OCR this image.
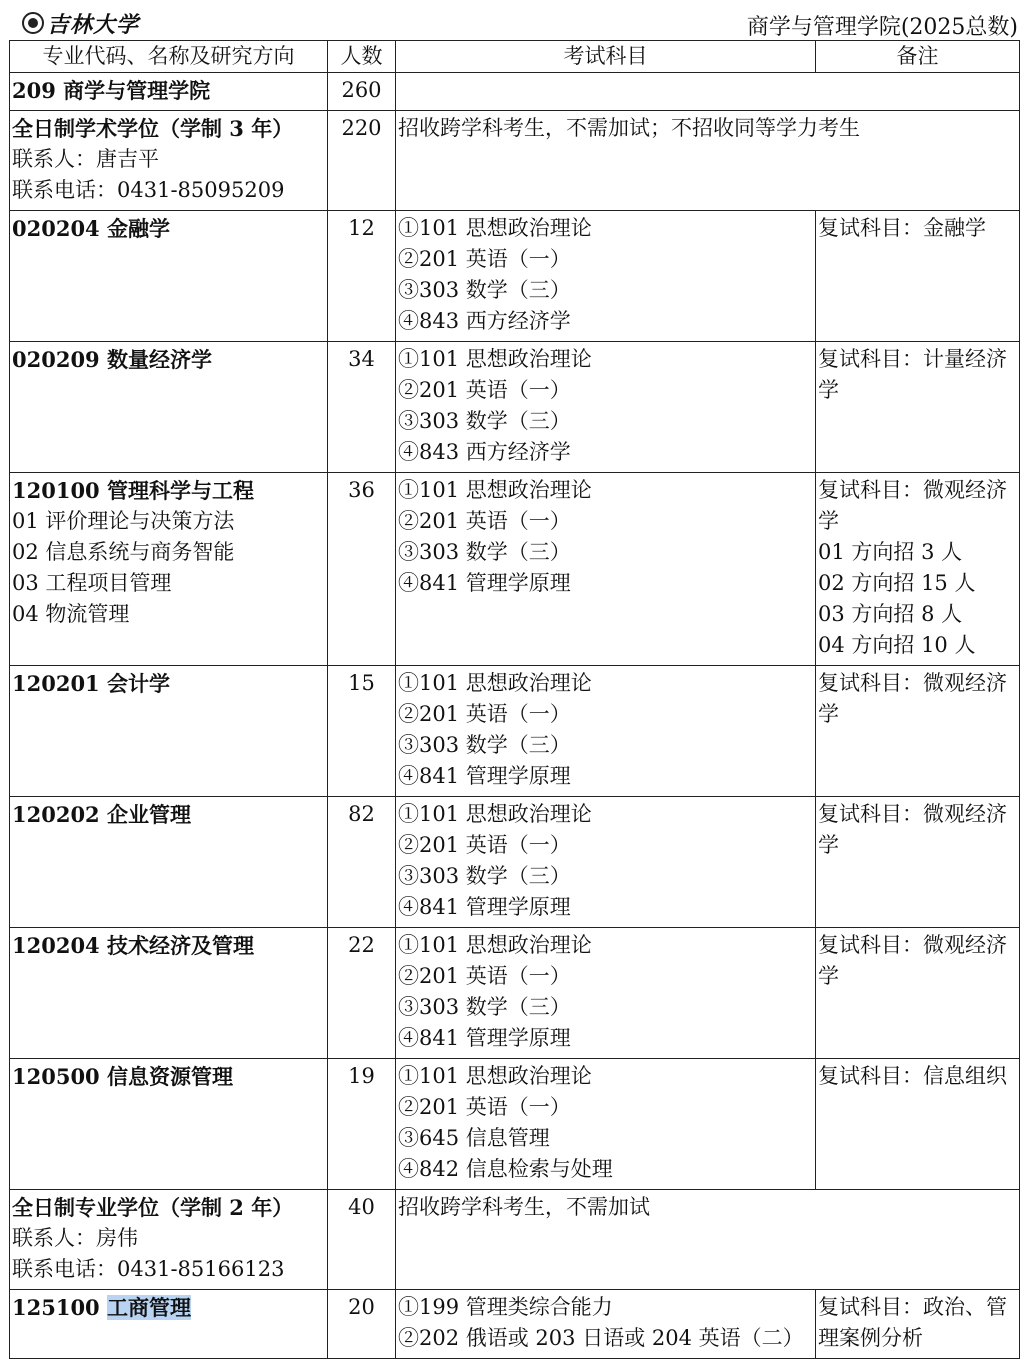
吉林大学	商学与管理学院(2025总数)
专业代码、名称及研究方向	人数	考试科目	备注
209 商学与管理学院	260		

全日制学术学位（学制 3 年）
联系人：唐吉平
联系电话：0431-85095209	220	招收跨学科考生，不需加试；不招收同等学力考生	

020204 金融学	12	①101 思想政治理论
②201 英语（一）
③303 数学（三）
④843 西方经济学	复试科目：金融学

020209 数量经济学	34	①101 思想政治理论
②201 英语（一）
③303 数学（三）
④843 西方经济学	复试科目：计量经济学

120100 管理科学与工程
01 评价理论与决策方法
02 信息系统与商务智能
03 工程项目管理
04 物流管理	36	①101 思想政治理论
②201 英语（一）
③303 数学（三）
④841 管理学原理	复试科目：微观经济学
01 方向招 3 人
02 方向招 15 人
03 方向招 8 人
04 方向招 10 人

120201 会计学	15	①101 思想政治理论
②201 英语（一）
③303 数学（三）
④841 管理学原理	复试科目：微观经济学

120202 企业管理	82	①101 思想政治理论
②201 英语（一）
③303 数学（三）
④841 管理学原理	复试科目：微观经济学

120204 技术经济及管理	22	①101 思想政治理论
②201 英语（一）
③303 数学（三）
④841 管理学原理	复试科目：微观经济学

120500 信息资源管理	19	①101 思想政治理论
②201 英语（一）
③645 信息管理
④842 信息检索与处理	复试科目：信息组织

全日制专业学位（学制 2 年）
联系人：房伟
联系电话：0431-85166123	40	招收跨学科考生，不需加试	

125100 工商管理	20	①199 管理类综合能力
②202 俄语或 203 日语或 204 英语（二）	复试科目：政治、管理案例分析
